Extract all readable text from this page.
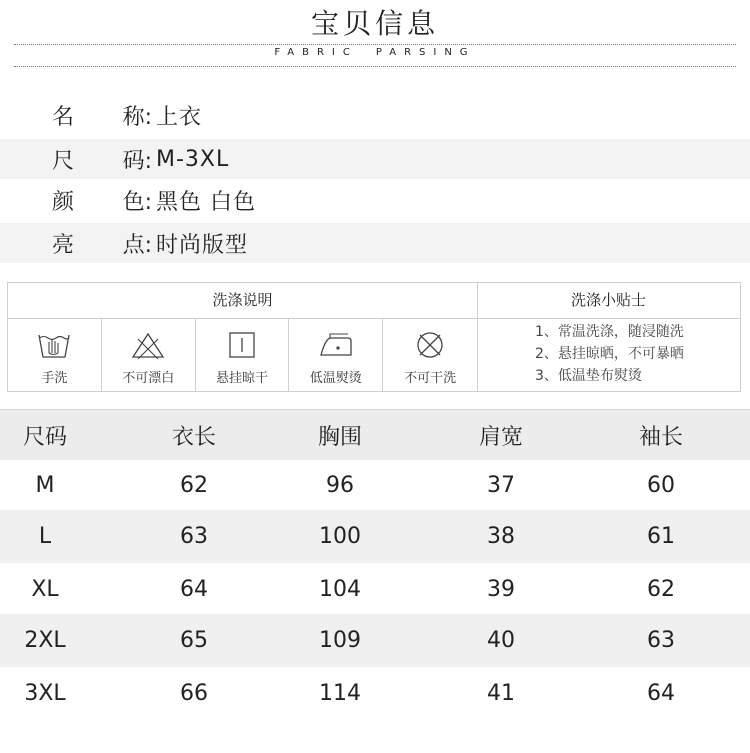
宝贝信息
FABRIC PARSING
名 称: 上衣
尺 码: M-3XL
颜 色: 黑色 白色
亮 点: 时尚版型
洗涤说明
手洗	不可漂白	悬挂晾干	低温熨烫	不可干洗
洗涤小贴士
1、常温洗涤，随浸随洗
2、悬挂晾晒，不可暴晒
3、低温垫布熨烫
尺码	衣长	胸围	肩宽	袖长
M	62	96	37	60
L	63	100	38	61
XL	64	104	39	62
2XL	65	109	40	63
3XL	66	114	41	64
